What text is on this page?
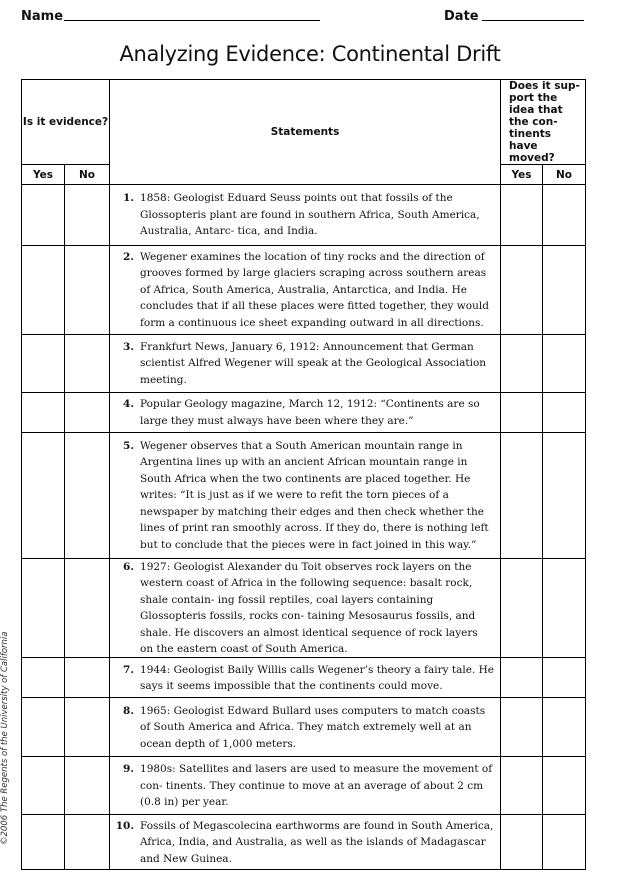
Name	Date
Analyzing Evidence: Continental Drift
Is it evidence?		Statements	Does it sup- port the idea that the con- tinents have moved?	
Yes	No		Yes	No

		1. 1858: Geologist Eduard Seuss points out that fossils of the Glossopteris plant are found in southern Africa, South America, Australia, Antarc- tica, and India.		

		2. Wegener examines the location of tiny rocks and the direction of grooves formed by large glaciers scraping across southern areas of Africa, South America, Australia, Antarctica, and India. He concludes that if all these places were fitted together, they would form a continuous ice sheet expanding outward in all directions.		

		3. Frankfurt News, January 6, 1912: Announcement that German scientist Alfred Wegener will speak at the Geological Association meeting.		

		4. Popular Geology magazine, March 12, 1912: “Continents are so large they must always have been where they are.”		

		5. Wegener observes that a South American mountain range in Argentina lines up with an ancient African mountain range in South Africa when the two continents are placed together. He writes: “It is just as if we were to refit the torn pieces of a newspaper by matching their edges and then check whether the lines of print ran smoothly across. If they do, there is nothing left but to conclude that the pieces were in fact joined in this way.”		

		6. 1927: Geologist Alexander du Toit observes rock layers on the western coast of Africa in the following sequence: basalt rock, shale contain- ing fossil reptiles, coal layers containing Glossopteris fossils, rocks con- taining Mesosaurus fossils, and shale. He discovers an almost identical sequence of rock layers on the eastern coast of South America.		

		7. 1944: Geologist Baily Willis calls Wegener’s theory a fairy tale. He says it seems impossible that the continents could move.		

		8. 1965: Geologist Edward Bullard uses computers to match coasts of South America and Africa. They match extremely well at an ocean depth of 1,000 meters.		

		9. 1980s: Satellites and lasers are used to measure the movement of con- tinents. They continue to move at an average of about 2 cm (0.8 in) per year.		

		10. Fossils of Megascolecina earthworms are found in South America, Africa, India, and Australia, as well as the islands of Madagascar and New Guinea.		

©2006 The Regents of the University of California
